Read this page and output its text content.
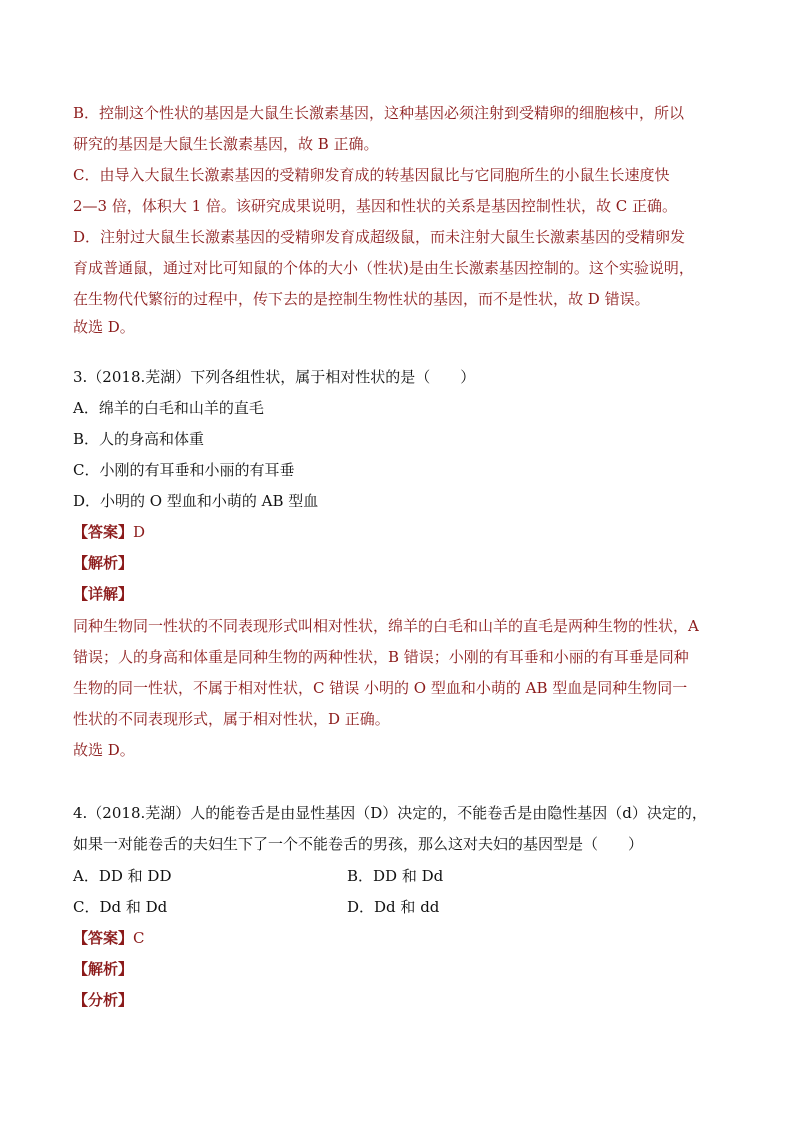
B．控制这个性状的基因是大鼠生长激素基因，这种基因必须注射到受精卵的细胞核中，所以
研究的基因是大鼠生长激素基因，故 B 正确。
C．由导入大鼠生长激素基因的受精卵发育成的转基因鼠比与它同胞所生的小鼠生长速度快
2—3 倍，体积大 1 倍。该研究成果说明，基因和性状的关系是基因控制性状，故 C 正确。
D．注射过大鼠生长激素基因的受精卵发育成超级鼠，而未注射大鼠生长激素基因的受精卵发
育成普通鼠，通过对比可知鼠的个体的大小（性状)是由生长激素基因控制的。这个实验说明，
在生物代代繁衍的过程中，传下去的是控制生物性状的基因，而不是性状，故 D 错误。
故选 D。
3.（2018.芜湖）下列各组性状，属于相对性状的是（　　）
A．绵羊的白毛和山羊的直毛
B．人的身高和体重
C．小刚的有耳垂和小丽的有耳垂
D．小明的 O 型血和小萌的 AB 型血
【答案】D
【解析】
【详解】
同种生物同一性状的不同表现形式叫相对性状，绵羊的白毛和山羊的直毛是两种生物的性状，A
错误；人的身高和体重是同种生物的两种性状，B 错误；小刚的有耳垂和小丽的有耳垂是同种
生物的同一性状，不属于相对性状，C 错误 小明的 O 型血和小萌的 AB 型血是同种生物同一
性状的不同表现形式，属于相对性状，D 正确。
故选 D。
4.（2018.芜湖）人的能卷舌是由显性基因（D）决定的，不能卷舌是由隐性基因（d）决定的，
如果一对能卷舌的夫妇生下了一个不能卷舌的男孩，那么这对夫妇的基因型是（　　）
A．DD 和 DD	B．DD 和 Dd
C．Dd 和 Dd	D．Dd 和 dd
【答案】C
【解析】
【分析】
